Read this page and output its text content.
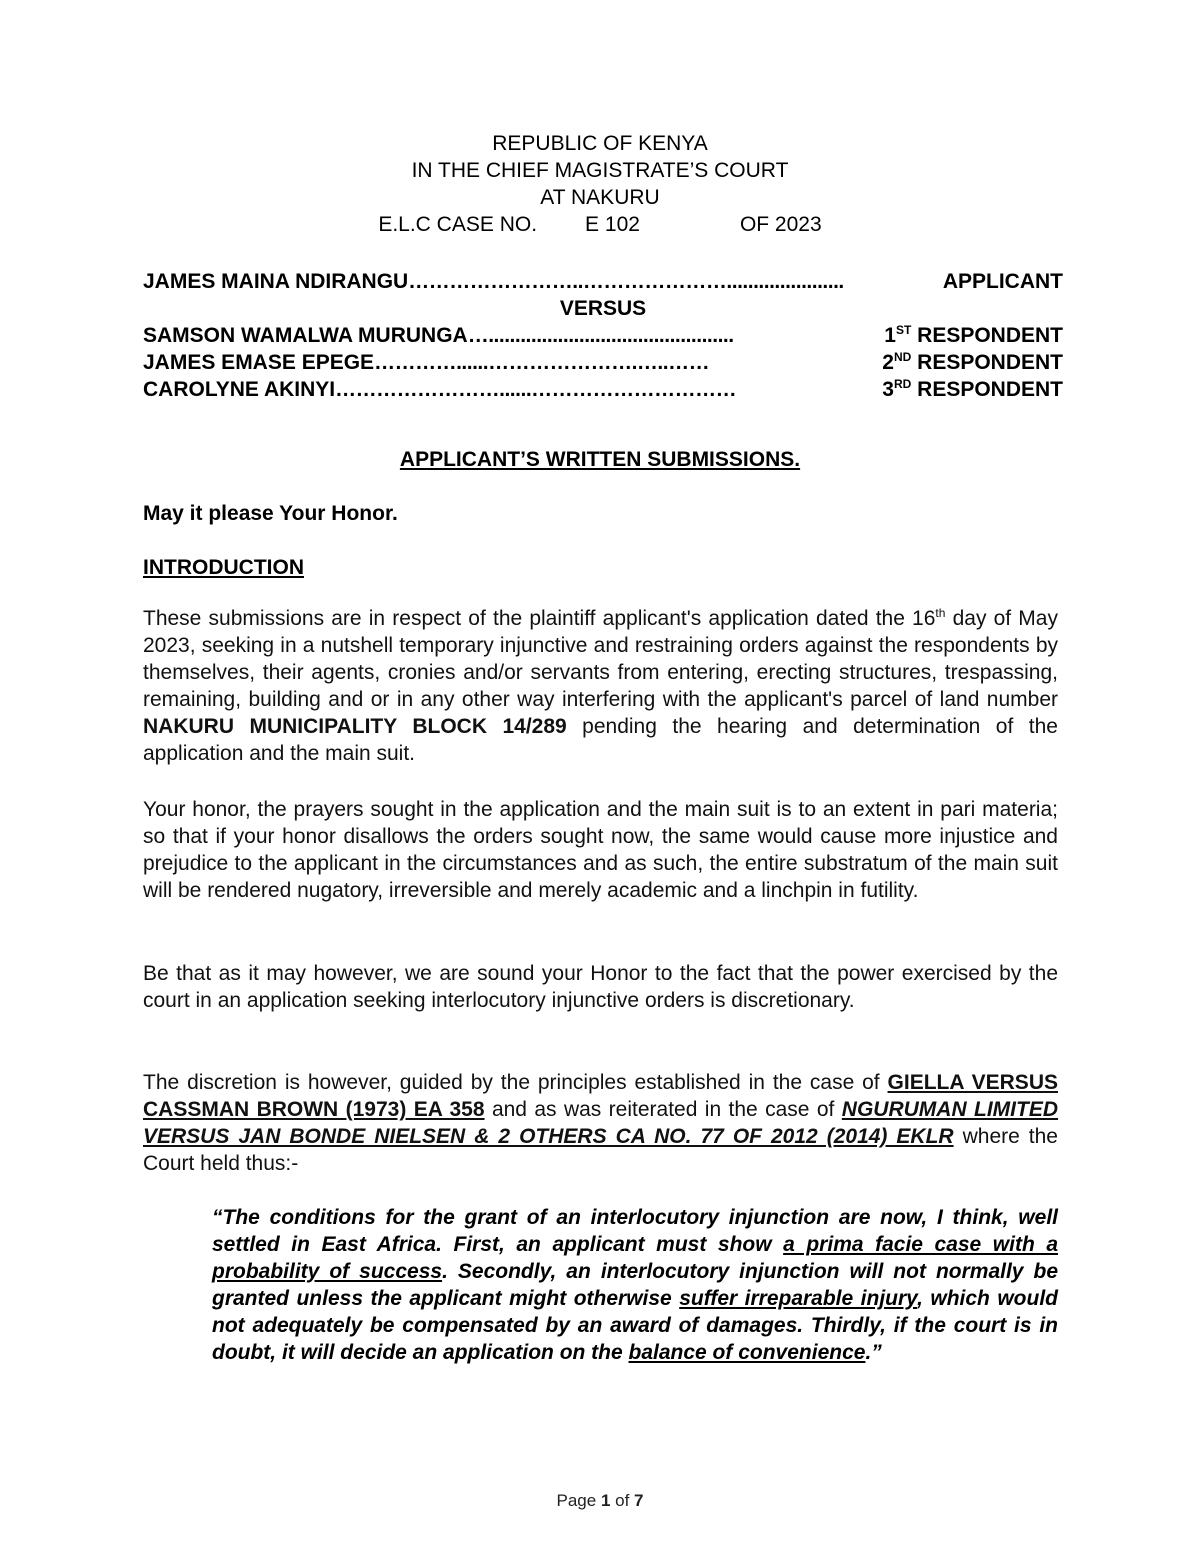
REPUBLIC OF KENYA
IN THE CHIEF MAGISTRATE’S COURT
AT NAKURU
E.L.C CASE NO. E 102	OF 2023
JAMES MAINA NDIRANGU ……………………..…………………......................	APPLICANT
VERSUS
SAMSON WAMALWA MURUNGA …..............................................	1ST RESPONDENT
JAMES EMASE EPEGE …………......………………….…..……	2ND RESPONDENT
CAROLYNE AKINYI ……………………......…………………………	3RD RESPONDENT
APPLICANT’S WRITTEN SUBMISSIONS.
May it please Your Honor.
INTRODUCTION
These submissions are in respect of the plaintiff applicant's application dated the 16th day of May 2023, seeking in a nutshell temporary injunctive and restraining orders against the respondents by themselves, their agents, cronies and/or servants from entering, erecting structures, trespassing, remaining, building and or in any other way interfering with the applicant's parcel of land number NAKURU MUNICIPALITY BLOCK 14/289 pending the hearing and determination of the application and the main suit.
Your honor, the prayers sought in the application and the main suit is to an extent in pari materia; so that if your honor disallows the orders sought now, the same would cause more injustice and prejudice to the applicant in the circumstances and as such, the entire substratum of the main suit will be rendered nugatory, irreversible and merely academic and a linchpin in futility.
Be that as it may however, we are sound your Honor to the fact that the power exercised by the court in an application seeking interlocutory injunctive orders is discretionary.
The discretion is however, guided by the principles established in the case of GIELLA VERSUS CASSMAN BROWN (1973) EA 358 and as was reiterated in the case of NGURUMAN LIMITED VERSUS JAN BONDE NIELSEN & 2 OTHERS CA NO. 77 OF 2012 (2014) EKLR where the Court held thus:-
“The conditions for the grant of an interlocutory injunction are now, I think, well settled in East Africa. First, an applicant must show a prima facie case with a probability of success. Secondly, an interlocutory injunction will not normally be granted unless the applicant might otherwise suffer irreparable injury, which would not adequately be compensated by an award of damages. Thirdly, if the court is in doubt, it will decide an application on the balance of convenience.”
Page 1 of 7
